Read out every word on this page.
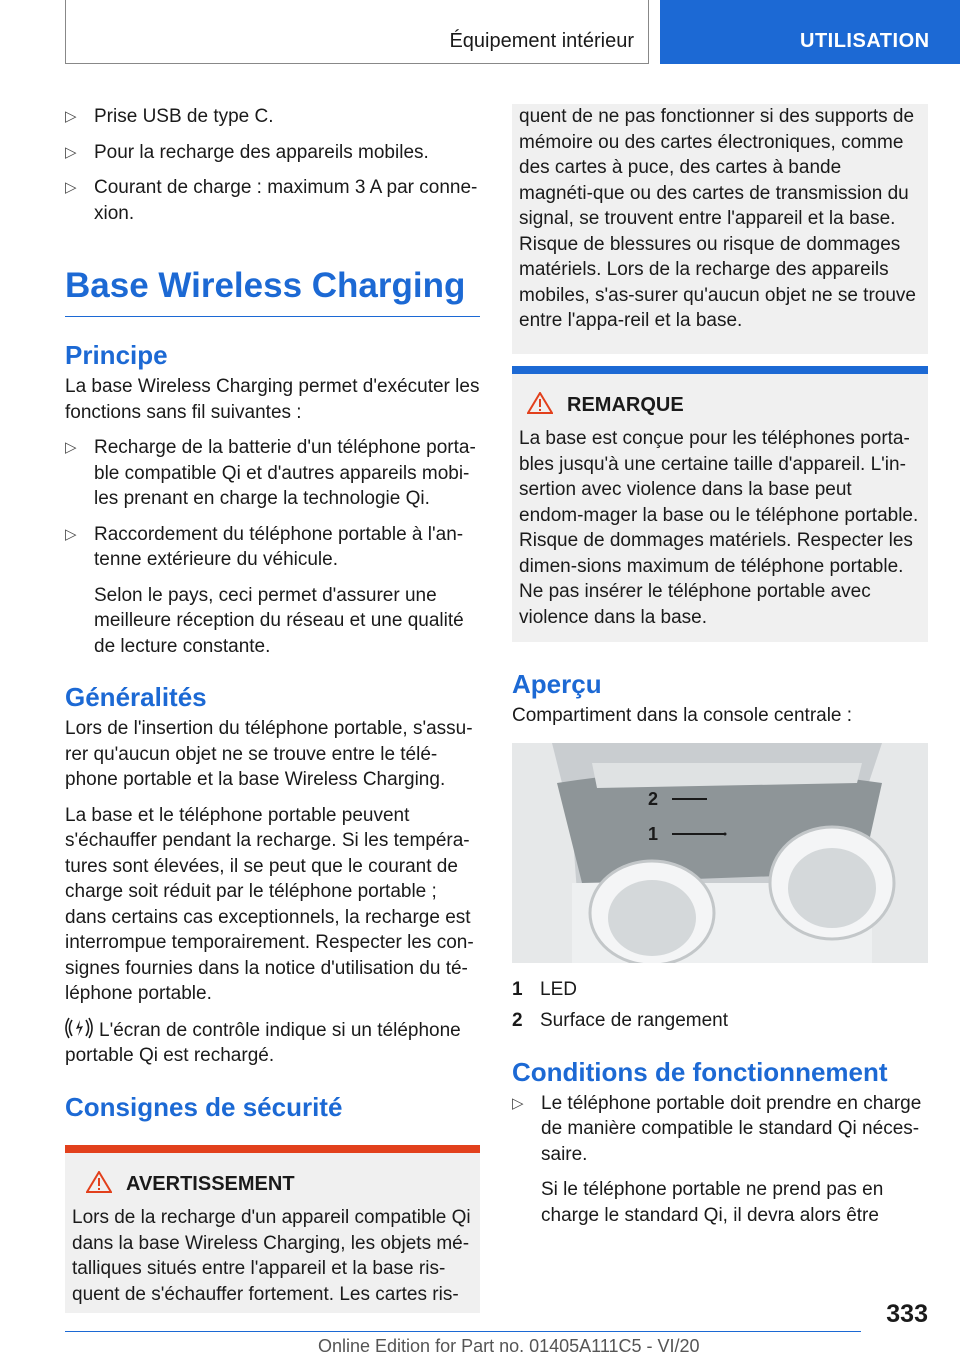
Équipement intérieur	UTILISATION
▷ Prise USB de type C.
▷ Pour la recharge des appareils mobiles.
▷ Courant de charge : maximum 3 A par conne-xion.
Base Wireless Charging
Principe

La base Wireless Charging permet d'exécuter les fonctions sans fil suivantes :

▷ Recharge de la batterie d'un téléphone porta-ble compatible Qi et d'autres appareils mobi-les prenant en charge la technologie Qi.
▷ Raccordement du téléphone portable à l'an-tenne extérieure du véhicule.
Selon le pays, ceci permet d'assurer une meilleure réception du réseau et une qualité de lecture constante.
Généralités

Lors de l'insertion du téléphone portable, s'assu-rer qu'aucun objet ne se trouve entre le télé-phone portable et la base Wireless Charging.

La base et le téléphone portable peuvent s'échauffer pendant la recharge. Si les tempéra-tures sont élevées, il se peut que le courant de charge soit réduit par le téléphone portable ; dans certains cas exceptionnels, la recharge est interrompue temporairement. Respecter les con-signes fournies dans la notice d'utilisation du té-léphone portable.

L'écran de contrôle indique si un téléphone portable Qi est rechargé.

Consignes de sécurité
AVERTISSEMENT
Lors de la recharge d'un appareil compatible Qi dans la base Wireless Charging, les objets mé-talliques situés entre l'appareil et la base ris-quent de s'échauffer fortement. Les cartes ris-
quent de ne pas fonctionner si des supports de mémoire ou des cartes électroniques, comme des cartes à puce, des cartes à bande magnéti-que ou des cartes de transmission du signal, se trouvent entre l'appareil et la base. Risque de blessures ou risque de dommages matériels. Lors de la recharge des appareils mobiles, s'as-surer qu'aucun objet ne se trouve entre l'appa-reil et la base.
REMARQUE
La base est conçue pour les téléphones porta-bles jusqu'à une certaine taille d'appareil. L'in-sertion avec violence dans la base peut endom-mager la base ou le téléphone portable. Risque de dommages matériels. Respecter les dimen-sions maximum de téléphone portable. Ne pas insérer le téléphone portable avec violence dans la base.
Aperçu

Compartiment dans la console centrale :

2
1
1 LED
2 Surface de rangement
Conditions de fonctionnement
▷ Le téléphone portable doit prendre en charge de manière compatible le standard Qi néces-saire.
Si le téléphone portable ne prend pas en charge le standard Qi, il devra alors être
333
Online Edition for Part no. 01405A111C5 - VI/20
